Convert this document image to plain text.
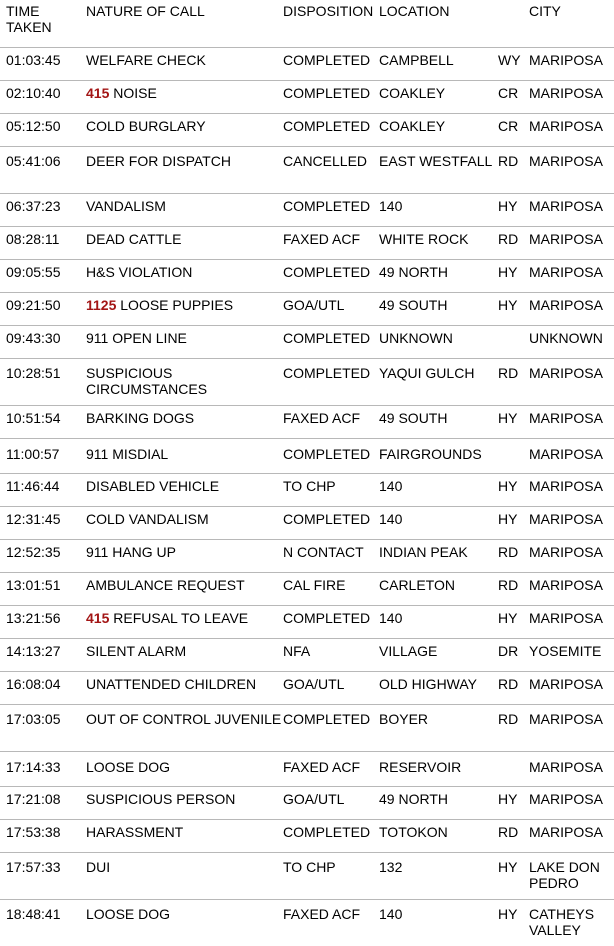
TIME TAKEN	NATURE OF CALL	DISPOSITION	LOCATION		CITY
01:03:45	WELFARE CHECK	COMPLETED	CAMPBELL	WY	MARIPOSA
02:10:40	415 NOISE	COMPLETED	COAKLEY	CR	MARIPOSA
05:12:50	COLD BURGLARY	COMPLETED	COAKLEY	CR	MARIPOSA
05:41:06	DEER FOR DISPATCH	CANCELLED	EAST WESTFALL	RD	MARIPOSA
06:37:23	VANDALISM	COMPLETED	140	HY	MARIPOSA
08:28:11	DEAD CATTLE	FAXED ACF	WHITE ROCK	RD	MARIPOSA
09:05:55	H&S VIOLATION	COMPLETED	49 NORTH	HY	MARIPOSA
09:21:50	1125 LOOSE PUPPIES	GOA/UTL	49 SOUTH	HY	MARIPOSA
09:43:30	911 OPEN LINE	COMPLETED	UNKNOWN		UNKNOWN
10:28:51	SUSPICIOUS CIRCUMSTANCES	COMPLETED	YAQUI GULCH	RD	MARIPOSA
10:51:54	BARKING DOGS	FAXED ACF	49 SOUTH	HY	MARIPOSA
11:00:57	911 MISDIAL	COMPLETED	FAIRGROUNDS		MARIPOSA
11:46:44	DISABLED VEHICLE	TO CHP	140	HY	MARIPOSA
12:31:45	COLD VANDALISM	COMPLETED	140	HY	MARIPOSA
12:52:35	911 HANG UP	N CONTACT	INDIAN PEAK	RD	MARIPOSA
13:01:51	AMBULANCE REQUEST	CAL FIRE	CARLETON	RD	MARIPOSA
13:21:56	415 REFUSAL TO LEAVE	COMPLETED	140	HY	MARIPOSA
14:13:27	SILENT ALARM	NFA	VILLAGE	DR	YOSEMITE
16:08:04	UNATTENDED CHILDREN	GOA/UTL	OLD HIGHWAY	RD	MARIPOSA
17:03:05	OUT OF CONTROL JUVENILE	COMPLETED	BOYER	RD	MARIPOSA
17:14:33	LOOSE DOG	FAXED ACF	RESERVOIR		MARIPOSA
17:21:08	SUSPICIOUS PERSON	GOA/UTL	49 NORTH	HY	MARIPOSA
17:53:38	HARASSMENT	COMPLETED	TOTOKON	RD	MARIPOSA
17:57:33	DUI	TO CHP	132	HY	LAKE DON PEDRO
18:48:41	LOOSE DOG	FAXED ACF	140	HY	CATHEYS VALLEY
